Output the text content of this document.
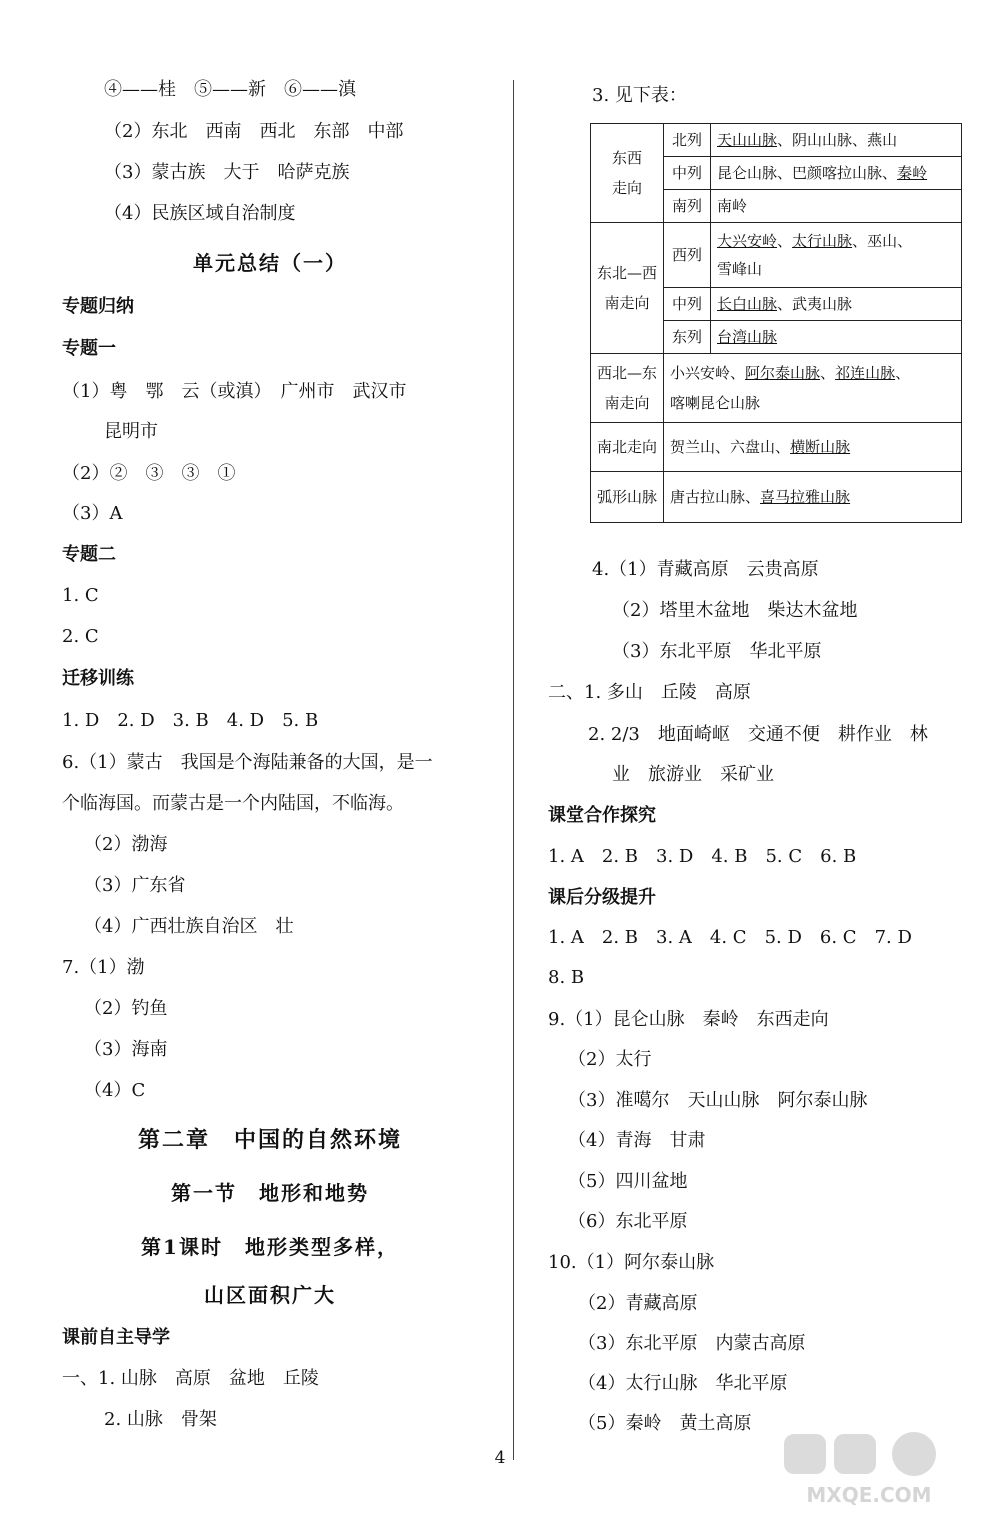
④——桂　⑤——新　⑥——滇
（2）东北　西南　西北　东部　中部
（3）蒙古族　大于　哈萨克族
（4）民族区域自治制度
单元总结（一）
专题归纳
专题一
（1）粤　鄂　云（或滇）　广州市　武汉市
昆明市
（2）②　③　③　①
（3）A
专题二
1. C
2. C
迁移训练
1. D　2. D　3. B　4. D　5. B
6.（1）蒙古　我国是个海陆兼备的大国，是一
个临海国。而蒙古是一个内陆国，不临海。
（2）渤海
（3）广东省
（4）广西壮族自治区　壮
7.（1）渤
（2）钓鱼
（3）海南
（4）C
第二章　中国的自然环境
第一节　地形和地势
第1课时　地形类型多样，
山区面积广大
课前自主导学
一、1. 山脉　高原　盆地　丘陵
2. 山脉　骨架
3. 见下表：
东西
走向	北列	天山山脉、阴山山脉、燕山
	中列	昆仑山脉、巴颜喀拉山脉、秦岭
	南列	南岭
东北—西
南走向	西列	大兴安岭、太行山脉、巫山、
雪峰山
	中列	长白山脉、武夷山脉
	东列	台湾山脉
西北—东
南走向	小兴安岭、阿尔泰山脉、祁连山脉、
喀喇昆仑山脉	
南北走向	贺兰山、六盘山、横断山脉	
弧形山脉	唐古拉山脉、喜马拉雅山脉	
4.（1）青藏高原　云贵高原
（2）塔里木盆地　柴达木盆地
（3）东北平原　华北平原
二、1. 多山　丘陵　高原
2. 2/3　地面崎岖　交通不便　耕作业　林
业　旅游业　采矿业
课堂合作探究
1. A　2. B　3. D　4. B　5. C　6. B
课后分级提升
1. A　2. B　3. A　4. C　5. D　6. C　7. D
8. B
9.（1）昆仑山脉　秦岭　东西走向
（2）太行
（3）准噶尔　天山山脉　阿尔泰山脉
（4）青海　甘肃
（5）四川盆地
（6）东北平原
10.（1）阿尔泰山脉
（2）青藏高原
（3）东北平原　内蒙古高原
（4）太行山脉　华北平原
（5）秦岭　黄土高原
4
MXQE.COM
